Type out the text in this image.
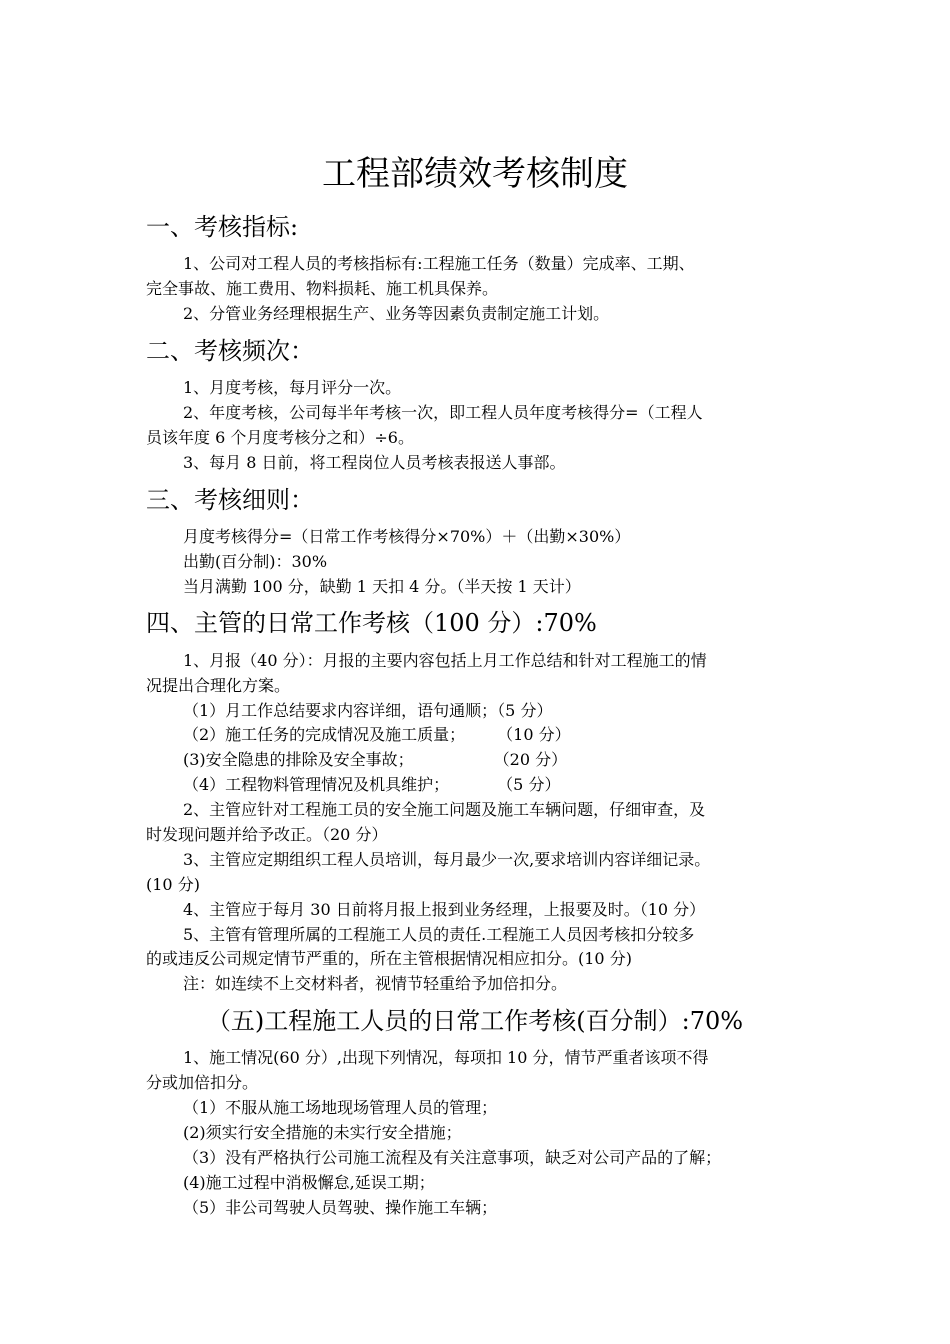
工程部绩效考核制度
一、考核指标:
1、公司对工程人员的考核指标有:工程施工任务（数量）完成率、工期、
完全事故、施工费用、物料损耗、施工机具保养。
2、分管业务经理根据生产、业务等因素负责制定施工计划。
二、考核频次：
1、月度考核，每月评分一次。
2、年度考核，公司每半年考核一次，即工程人员年度考核得分=（工程人
员该年度 6 个月度考核分之和）÷6。
3、每月 8 日前，将工程岗位人员考核表报送人事部。
三、考核细则：
月度考核得分=（日常工作考核得分×70%）＋（出勤×30%）
出勤(百分制)：30%
当月满勤 100 分，缺勤 1 天扣 4 分。（半天按 1 天计）
四、主管的日常工作考核（100 分）:70%
1、月报（40 分）：月报的主要内容包括上月工作总结和针对工程施工的情
况提出合理化方案。
（1）月工作总结要求内容详细，语句通顺；（5 分）
（2）施工任务的完成情况及施工质量；　　　（10 分）
(3)安全隐患的排除及安全事故；　　　　　　（20 分）
（4）工程物料管理情况及机具维护；　　　　（5 分）
2、主管应针对工程施工员的安全施工问题及施工车辆问题，仔细审查，及
时发现问题并给予改正。（20 分）
3、主管应定期组织工程人员培训，每月最少一次,要求培训内容详细记录。
(10 分)
4、主管应于每月 30 日前将月报上报到业务经理，上报要及时。（10 分）
5、主管有管理所属的工程施工人员的责任.工程施工人员因考核扣分较多
的或违反公司规定情节严重的，所在主管根据情况相应扣分。(10 分)
注：如连续不上交材料者，视情节轻重给予加倍扣分。
（五)工程施工人员的日常工作考核(百分制）:70%
1、施工情况(60 分）,出现下列情况，每项扣 10 分，情节严重者该项不得
分或加倍扣分。
（1）不服从施工场地现场管理人员的管理；
(2)须实行安全措施的未实行安全措施；
（3）没有严格执行公司施工流程及有关注意事项，缺乏对公司产品的了解；
(4)施工过程中消极懈怠,延误工期；
（5）非公司驾驶人员驾驶、操作施工车辆；
